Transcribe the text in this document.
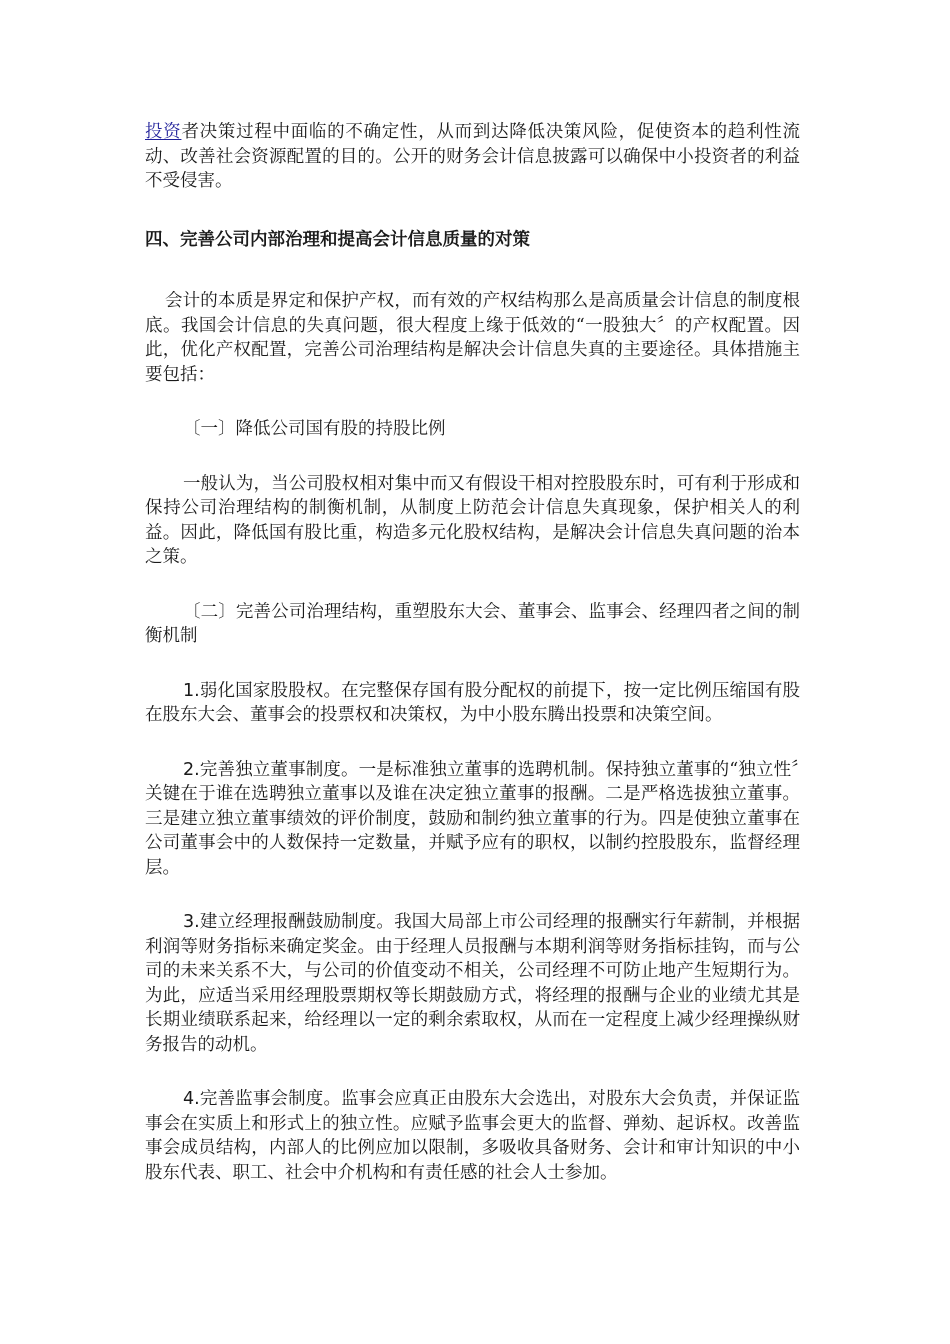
投资者决策过程中面临的不确定性，从而到达降低决策风险，促使资本的趋利性流动、改善社会资源配置的目的。公开的财务会计信息披露可以确保中小投资者的利益不受侵害。

四、完善公司内部治理和提高会计信息质量的对策

会计的本质是界定和保护产权，而有效的产权结构那么是高质量会计信息的制度根底。我国会计信息的失真问题，很大程度上缘于低效的“一股独大〞的产权配置。因此，优化产权配置，完善公司治理结构是解决会计信息失真的主要途径。具体措施主要包括：

〔一〕降低公司国有股的持股比例

一般认为，当公司股权相对集中而又有假设干相对控股股东时，可有利于形成和保持公司治理结构的制衡机制，从制度上防范会计信息失真现象，保护相关人的利益。因此，降低国有股比重，构造多元化股权结构，是解决会计信息失真问题的治本之策。

〔二〕完善公司治理结构，重塑股东大会、董事会、监事会、经理四者之间的制衡机制

1.弱化国家股股权。在完整保存国有股分配权的前提下，按一定比例压缩国有股在股东大会、董事会的投票权和决策权，为中小股东腾出投票和决策空间。

2.完善独立董事制度。一是标准独立董事的选聘机制。保持独立董事的“独立性〞关键在于谁在选聘独立董事以及谁在决定独立董事的报酬。二是严格选拔独立董事。三是建立独立董事绩效的评价制度，鼓励和制约独立董事的行为。四是使独立董事在公司董事会中的人数保持一定数量，并赋予应有的职权，以制约控股股东，监督经理层。

3.建立经理报酬鼓励制度。我国大局部上市公司经理的报酬实行年薪制，并根据利润等财务指标来确定奖金。由于经理人员报酬与本期利润等财务指标挂钩，而与公司的未来关系不大，与公司的价值变动不相关，公司经理不可防止地产生短期行为。为此，应适当采用经理股票期权等长期鼓励方式，将经理的报酬与企业的业绩尤其是长期业绩联系起来，给经理以一定的剩余索取权，从而在一定程度上减少经理操纵财务报告的动机。

4.完善监事会制度。监事会应真正由股东大会选出，对股东大会负责，并保证监事会在实质上和形式上的独立性。应赋予监事会更大的监督、弹劾、起诉权。改善监事会成员结构，内部人的比例应加以限制，多吸收具备财务、会计和审计知识的中小股东代表、职工、社会中介机构和有责任感的社会人士参加。
